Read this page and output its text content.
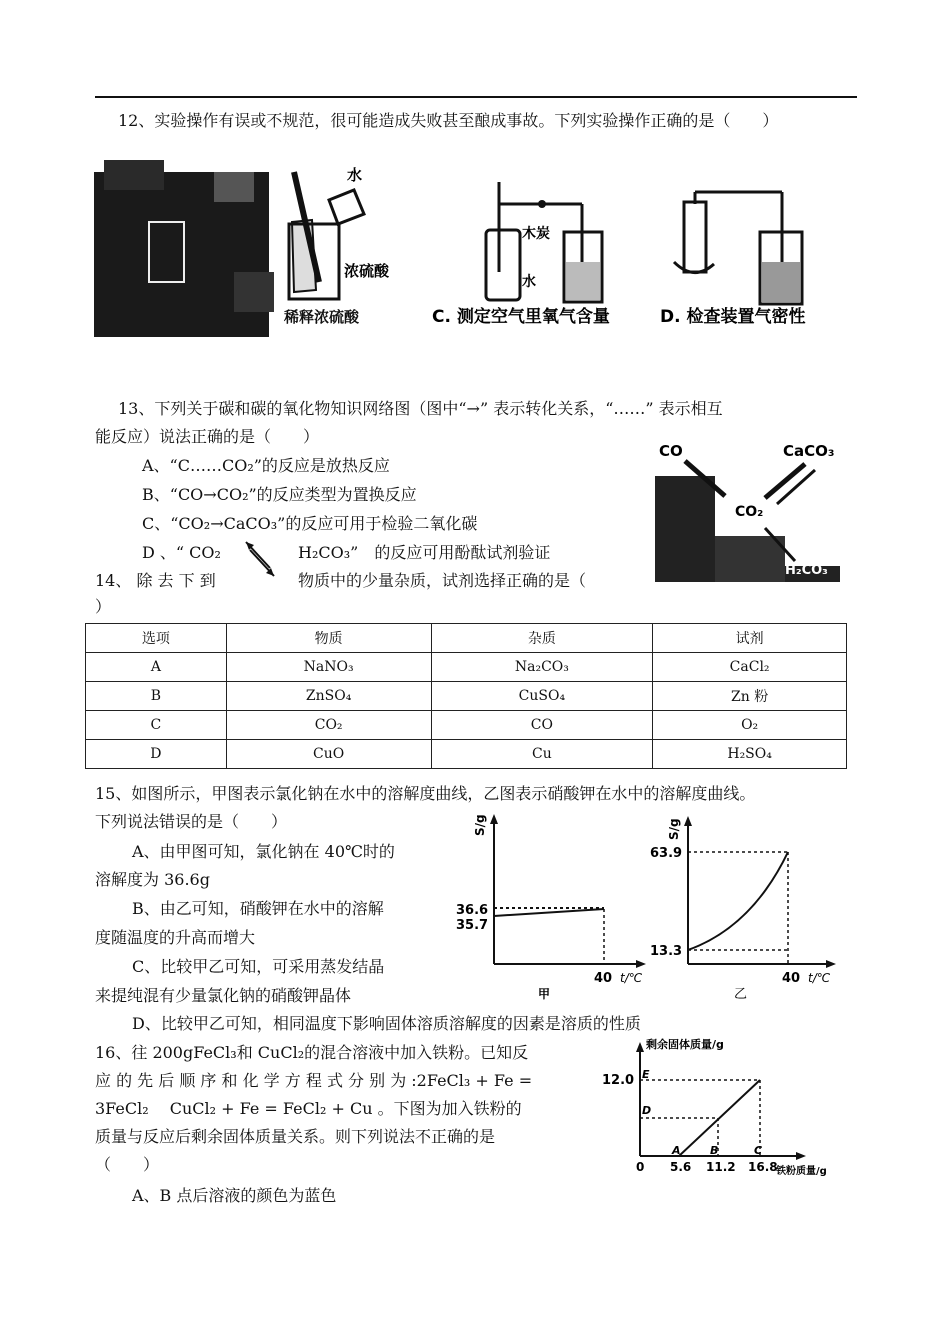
12、实验操作有误或不规范，很可能造成失败甚至酿成事故。下列实验操作正确的是（　　）
水
浓硫酸
稀释浓硫酸
木炭
水
C. 测定空气里氧气含量	D. 检查装置气密性
13、下列关于碳和碳的氧化物知识网络图（图中“→” 表示转化关系，“……” 表示相互
能反应）说法正确的是（　　）
A、“C……CO₂”的反应是放热反应
B、“CO→CO₂”的反应类型为置换反应
C、“CO₂→CaCO₃”的反应可用于检验二氧化碳
D 、“ CO₂	H₂CO₃”　的反应可用酚酞试剂验证
CO	CaCO₃
CO₂
H₂CO₃
14、 除 去 下 到	物质中的少量杂质，试剂选择正确的是（
）
选项	物质	杂质	试剂
A	NaNO₃	Na₂CO₃	CaCl₂
B	ZnSO₄	CuSO₄	Zn 粉
C	CO₂	CO	O₂
D	CuO	Cu	H₂SO₄
15、如图所示，甲图表示氯化钠在水中的溶解度曲线，乙图表示硝酸钾在水中的溶解度曲线。
下列说法错误的是（　　）
A、由甲图可知，氯化钠在 40℃时的
溶解度为 36.6g
B、由乙可知，硝酸钾在水中的溶解
度随温度的升高而增大
C、比较甲乙可知，可采用蒸发结晶
来提纯混有少量氯化钠的硝酸钾晶体
D、比较甲乙可知，相同温度下影响固体溶质溶解度的因素是溶质的性质
S/g
36.6
35.7
40 t/℃
甲
S/g
63.9
13.3
40 t/℃
乙
16、往 200gFeCl₃和 CuCl₂的混合溶液中加入铁粉。已知反
应 的 先 后 顺 序 和 化 学 方 程 式 分 别 为 :2FeCl₃ + Fe =
3FeCl₂　 CuCl₂ + Fe = FeCl₂ + Cu 。下图为加入铁粉的
质量与反应后剩余固体质量关系。则下列说法不正确的是
（　　）
A、B 点后溶液的颜色为蓝色
剩余固体质量/g
12.0 E
D
A	B	C
0 5.6 11.2 16.8
铁粉质量/g
